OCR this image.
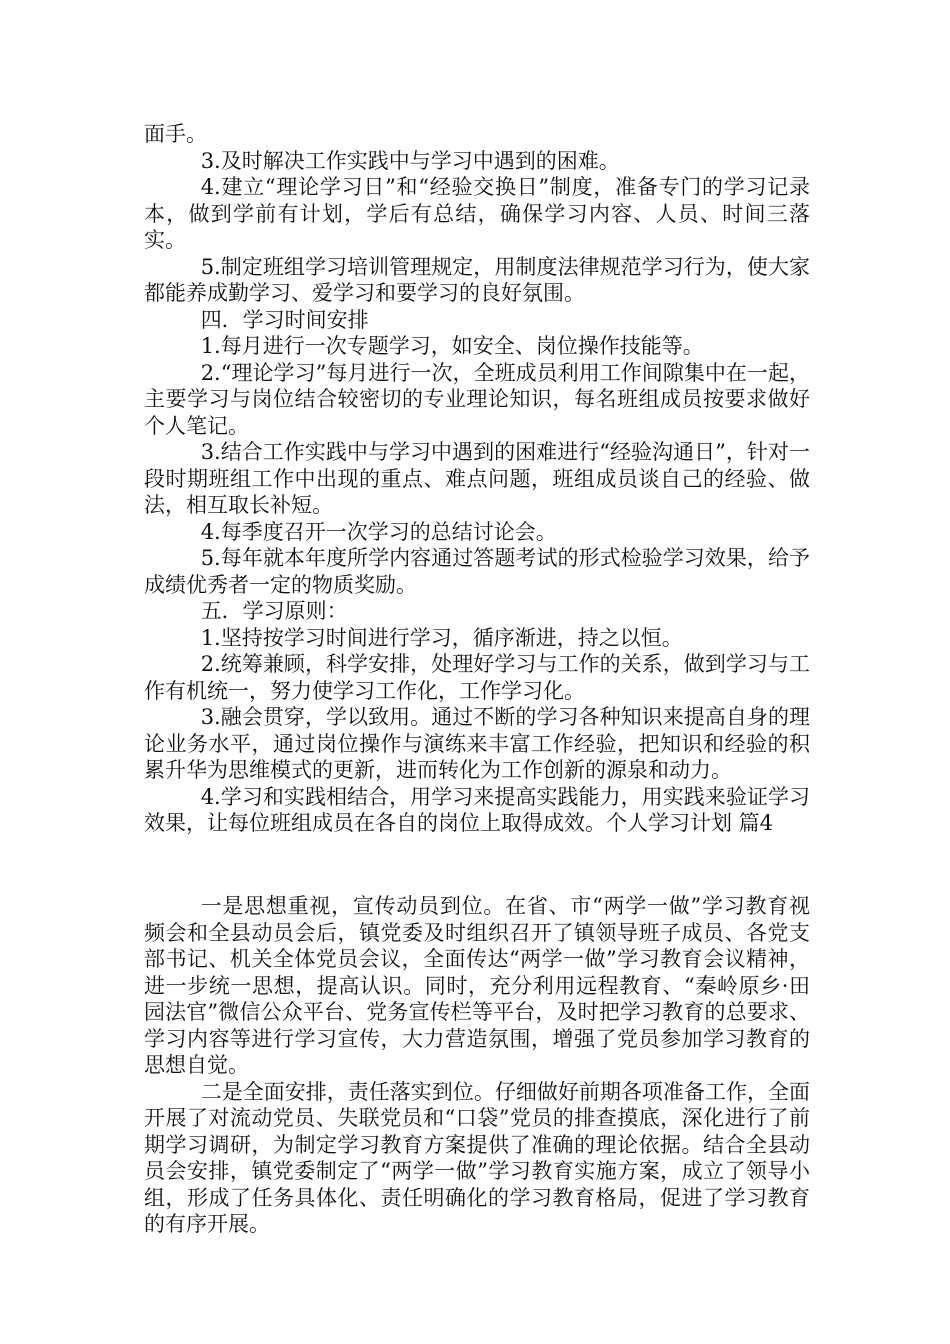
面手。

3.及时解决工作实践中与学习中遇到的困难。

4.建立“理论学习日”和“经验交换日”制度，准备专门的学习记录本，做到学前有计划，学后有总结，确保学习内容、人员、时间三落实。

5.制定班组学习培训管理规定，用制度法律规范学习行为，使大家都能养成勤学习、爱学习和要学习的良好氛围。

四．学习时间安排

1.每月进行一次专题学习，如安全、岗位操作技能等。

2.“理论学习”每月进行一次，全班成员利用工作间隙集中在一起，主要学习与岗位结合较密切的专业理论知识，每名班组成员按要求做好个人笔记。

3.结合工作实践中与学习中遇到的困难进行“经验沟通日”，针对一段时期班组工作中出现的重点、难点问题，班组成员谈自己的经验、做法，相互取长补短。

4.每季度召开一次学习的总结讨论会。

5.每年就本年度所学内容通过答题考试的形式检验学习效果，给予成绩优秀者一定的物质奖励。

五．学习原则：

1.坚持按学习时间进行学习，循序渐进，持之以恒。

2.统筹兼顾，科学安排，处理好学习与工作的关系，做到学习与工作有机统一，努力使学习工作化，工作学习化。

3.融会贯穿，学以致用。通过不断的学习各种知识来提高自身的理论业务水平，通过岗位操作与演练来丰富工作经验，把知识和经验的积累升华为思维模式的更新，进而转化为工作创新的源泉和动力。

4.学习和实践相结合，用学习来提高实践能力，用实践来验证学习效果，让每位班组成员在各自的岗位上取得成效。个人学习计划 篇4

一是思想重视，宣传动员到位。在省、市“两学一做”学习教育视频会和全县动员会后，镇党委及时组织召开了镇领导班子成员、各党支部书记、机关全体党员会议，全面传达“两学一做”学习教育会议精神，进一步统一思想，提高认识。同时，充分利用远程教育、“秦岭原乡·田园法官”微信公众平台、党务宣传栏等平台，及时把学习教育的总要求、学习内容等进行学习宣传，大力营造氛围，增强了党员参加学习教育的思想自觉。

二是全面安排，责任落实到位。仔细做好前期各项准备工作，全面开展了对流动党员、失联党员和“口袋”党员的排查摸底，深化进行了前期学习调研，为制定学习教育方案提供了准确的理论依据。结合全县动员会安排，镇党委制定了“两学一做”学习教育实施方案，成立了领导小组，形成了任务具体化、责任明确化的学习教育格局，促进了学习教育的有序开展。
